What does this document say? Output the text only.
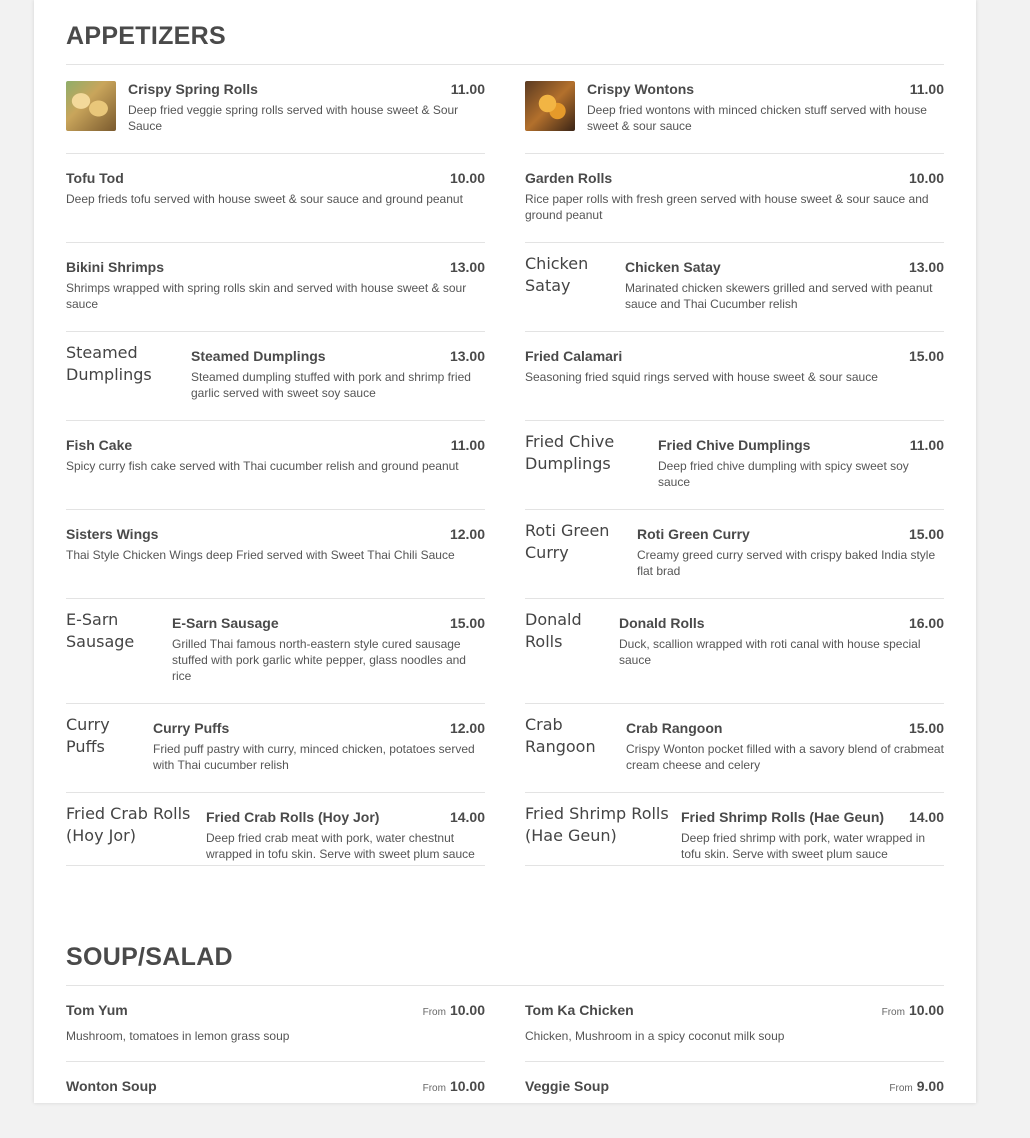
APPETIZERS
Crispy Spring Rolls	11.00
Deep fried veggie spring rolls served with house sweet & Sour Sauce
Tofu Tod	10.00
Deep frieds tofu served with house sweet & sour sauce and ground peanut
Bikini Shrimps	13.00
Shrimps wrapped with spring rolls skin and served with house sweet & sour sauce
Steamed Dumplings
Steamed Dumplings	13.00
Steamed dumpling stuffed with pork and shrimp fried garlic served with sweet soy sauce
Fish Cake	11.00
Spicy curry fish cake served with Thai cucumber relish and ground peanut
Sisters Wings	12.00
Thai Style Chicken Wings deep Fried served with Sweet Thai Chili Sauce
E-Sarn Sausage
E-Sarn Sausage	15.00
Grilled Thai famous north-eastern style cured sausage stuffed with pork garlic white pepper, glass noodles and rice
Curry Puffs
Curry Puffs	12.00
Fried puff pastry with curry, minced chicken, potatoes served with Thai cucumber relish
Fried Crab Rolls (Hoy Jor)
Fried Crab Rolls (Hoy Jor)	14.00
Deep fried crab meat with pork, water chestnut wrapped in tofu skin. Serve with sweet plum sauce
Crispy Wontons	11.00
Deep fried wontons with minced chicken stuff served with house sweet & sour sauce
Garden Rolls	10.00
Rice paper rolls with fresh green served with house sweet & sour sauce and ground peanut
Chicken Satay
Chicken Satay	13.00
Marinated chicken skewers grilled and served with peanut sauce and Thai Cucumber relish
Fried Calamari	15.00
Seasoning fried squid rings served with house sweet & sour sauce
Fried Chive Dumplings
Fried Chive Dumplings	11.00
Deep fried chive dumpling with spicy sweet soy sauce
Roti Green Curry
Roti Green Curry	15.00
Creamy greed curry served with crispy baked India style flat brad
Donald Rolls
Donald Rolls	16.00
Duck, scallion wrapped with roti canal with house special sauce
Crab Rangoon
Crab Rangoon	15.00
Crispy Wonton pocket filled with a savory blend of crabmeat cream cheese and celery
Fried Shrimp Rolls (Hae Geun)
Fried Shrimp Rolls (Hae Geun) 14.00
Deep fried shrimp with pork, water wrapped in tofu skin. Serve with sweet plum sauce
SOUP/SALAD
Tom Yum	From 10.00
Mushroom, tomatoes in lemon grass soup
Wonton Soup	From 10.00
Tom Ka Chicken	From 10.00
Chicken, Mushroom in a spicy coconut milk soup
Veggie Soup	From 9.00
